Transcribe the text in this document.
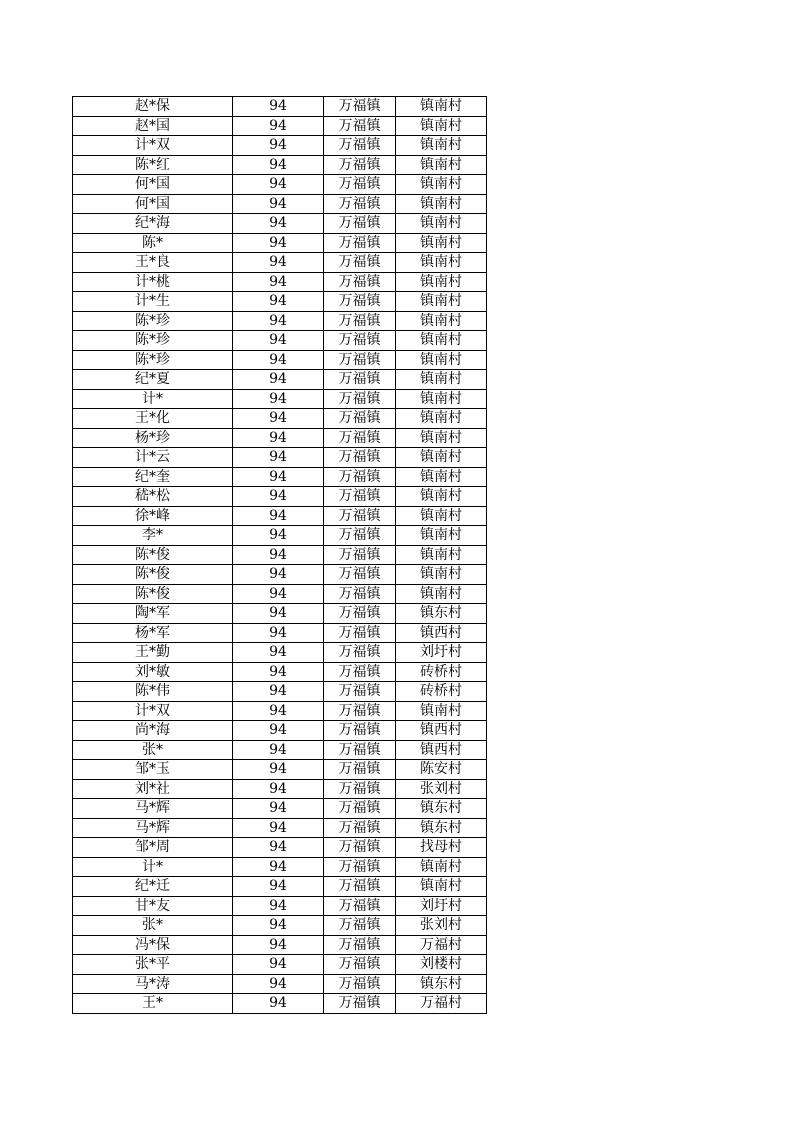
赵*保	94	万福镇	镇南村
赵*国	94	万福镇	镇南村
计*双	94	万福镇	镇南村
陈*红	94	万福镇	镇南村
何*国	94	万福镇	镇南村
何*国	94	万福镇	镇南村
纪*海	94	万福镇	镇南村
陈*	94	万福镇	镇南村
王*良	94	万福镇	镇南村
计*桃	94	万福镇	镇南村
计*生	94	万福镇	镇南村
陈*珍	94	万福镇	镇南村
陈*珍	94	万福镇	镇南村
陈*珍	94	万福镇	镇南村
纪*夏	94	万福镇	镇南村
计*	94	万福镇	镇南村
王*化	94	万福镇	镇南村
杨*珍	94	万福镇	镇南村
计*云	94	万福镇	镇南村
纪*奎	94	万福镇	镇南村
嵇*松	94	万福镇	镇南村
徐*峰	94	万福镇	镇南村
李*	94	万福镇	镇南村
陈*俊	94	万福镇	镇南村
陈*俊	94	万福镇	镇南村
陈*俊	94	万福镇	镇南村
陶*军	94	万福镇	镇东村
杨*军	94	万福镇	镇西村
王*勤	94	万福镇	刘圩村
刘*敏	94	万福镇	砖桥村
陈*伟	94	万福镇	砖桥村
计*双	94	万福镇	镇南村
尚*海	94	万福镇	镇西村
张*	94	万福镇	镇西村
邹*玉	94	万福镇	陈安村
刘*社	94	万福镇	张刘村
马*辉	94	万福镇	镇东村
马*辉	94	万福镇	镇东村
邹*周	94	万福镇	找母村
计*	94	万福镇	镇南村
纪*迁	94	万福镇	镇南村
甘*友	94	万福镇	刘圩村
张*	94	万福镇	张刘村
冯*保	94	万福镇	万福村
张*平	94	万福镇	刘楼村
马*涛	94	万福镇	镇东村
王*	94	万福镇	万福村
